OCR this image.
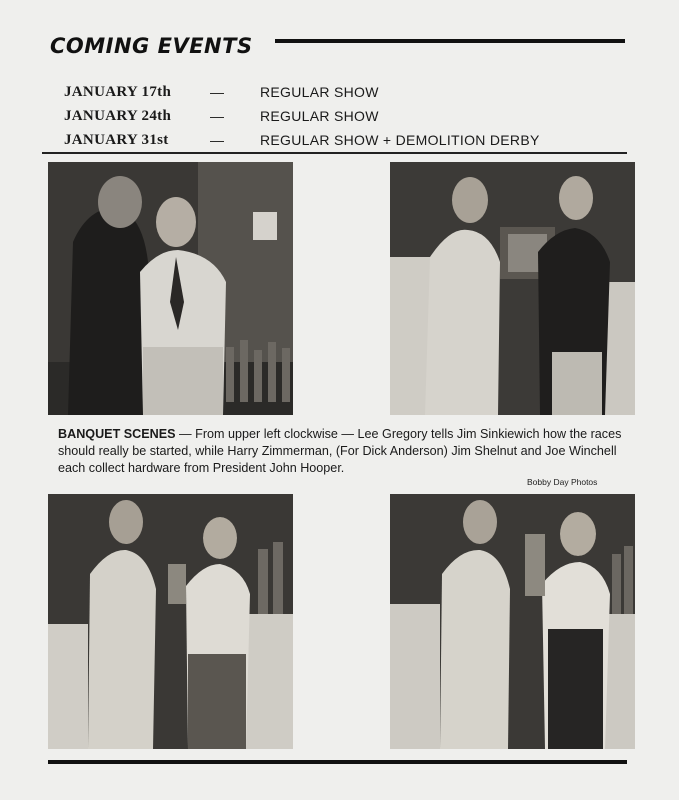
COMING EVENTS
JANUARY 17th	—	REGULAR SHOW
JANUARY 24th	—	REGULAR SHOW
JANUARY 31st	—	REGULAR SHOW + DEMOLITION DERBY
BANQUET SCENES — From upper left clockwise — Lee Gregory tells Jim Sinkiewich how the races should really be started, while Harry Zimmerman, (For Dick Anderson) Jim Shelnut and Joe Winchell each collect hardware from President John Hooper.
Bobby Day Photos
